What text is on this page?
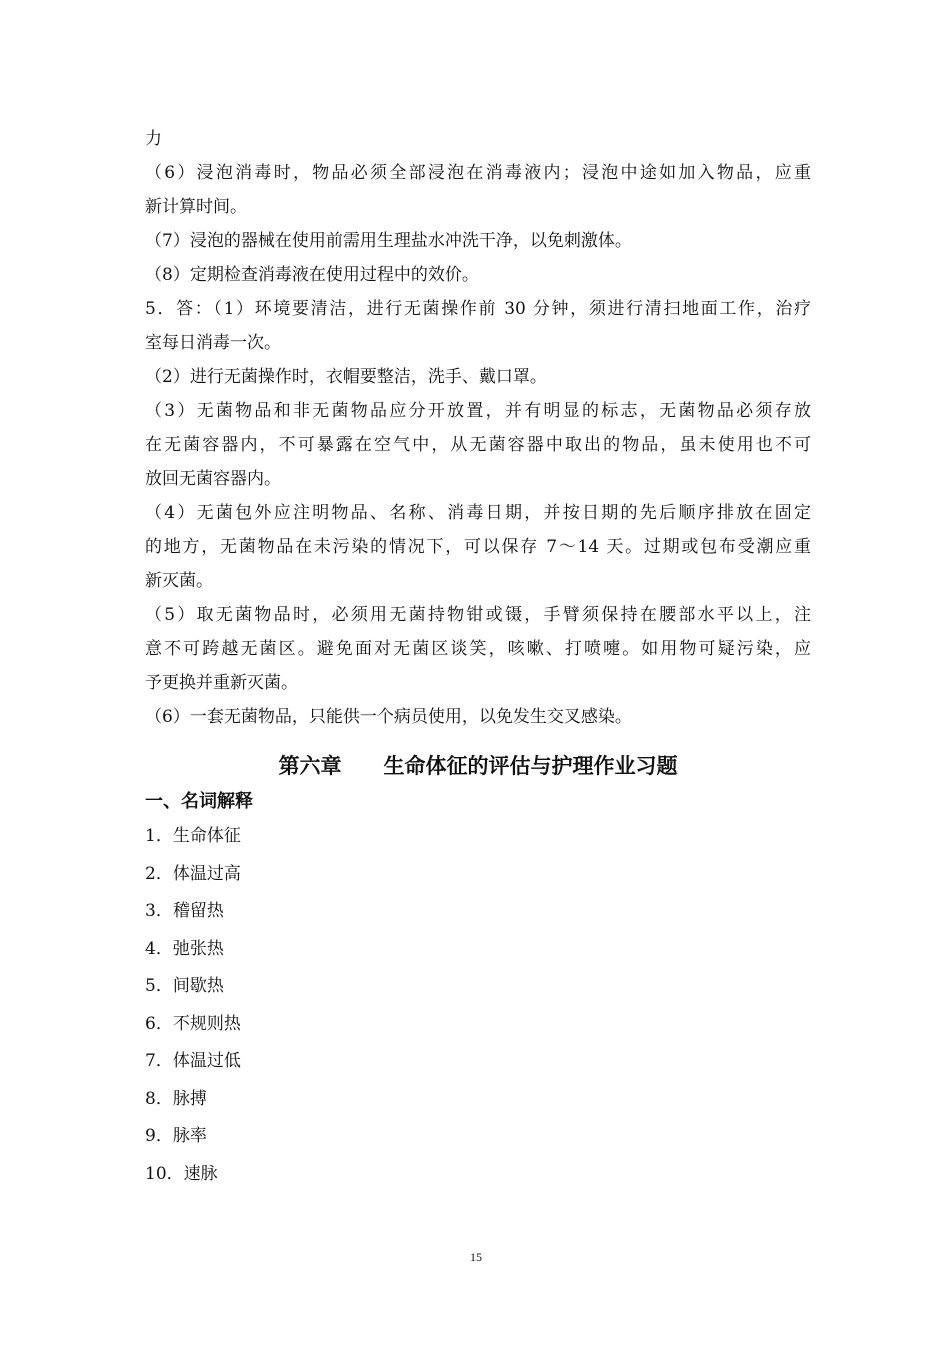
力
（6）浸泡消毒时，物品必须全部浸泡在消毒液内；浸泡中途如加入物品，应重
新计算时间。
（7）浸泡的器械在使用前需用生理盐水冲洗干净，以免刺激体。
（8）定期检查消毒液在使用过程中的效价。
5．答：（1）环境要清洁，进行无菌操作前 30 分钟，须进行清扫地面工作，治疗
室每日消毒一次。
（2）进行无菌操作时，衣帽要整洁，洗手、戴口罩。
（3）无菌物品和非无菌物品应分开放置，并有明显的标志，无菌物品必须存放
在无菌容器内，不可暴露在空气中，从无菌容器中取出的物品，虽未使用也不可
放回无菌容器内。
（4）无菌包外应注明物品、名称、消毒日期，并按日期的先后顺序排放在固定
的地方，无菌物品在未污染的情况下，可以保存 7～14 天。过期或包布受潮应重
新灭菌。
（5）取无菌物品时，必须用无菌持物钳或镊，手臂须保持在腰部水平以上，注
意不可跨越无菌区。避免面对无菌区谈笑，咳嗽、打喷嚏。如用物可疑污染，应
予更换并重新灭菌。
（6）一套无菌物品，只能供一个病员使用，以免发生交叉感染。
第六章　　生命体征的评估与护理作业习题
一、名词解释
1．生命体征
2．体温过高
3．稽留热
4．弛张热
5．间歇热
6．不规则热
7．体温过低
8．脉搏
9．脉率
10．速脉
15
